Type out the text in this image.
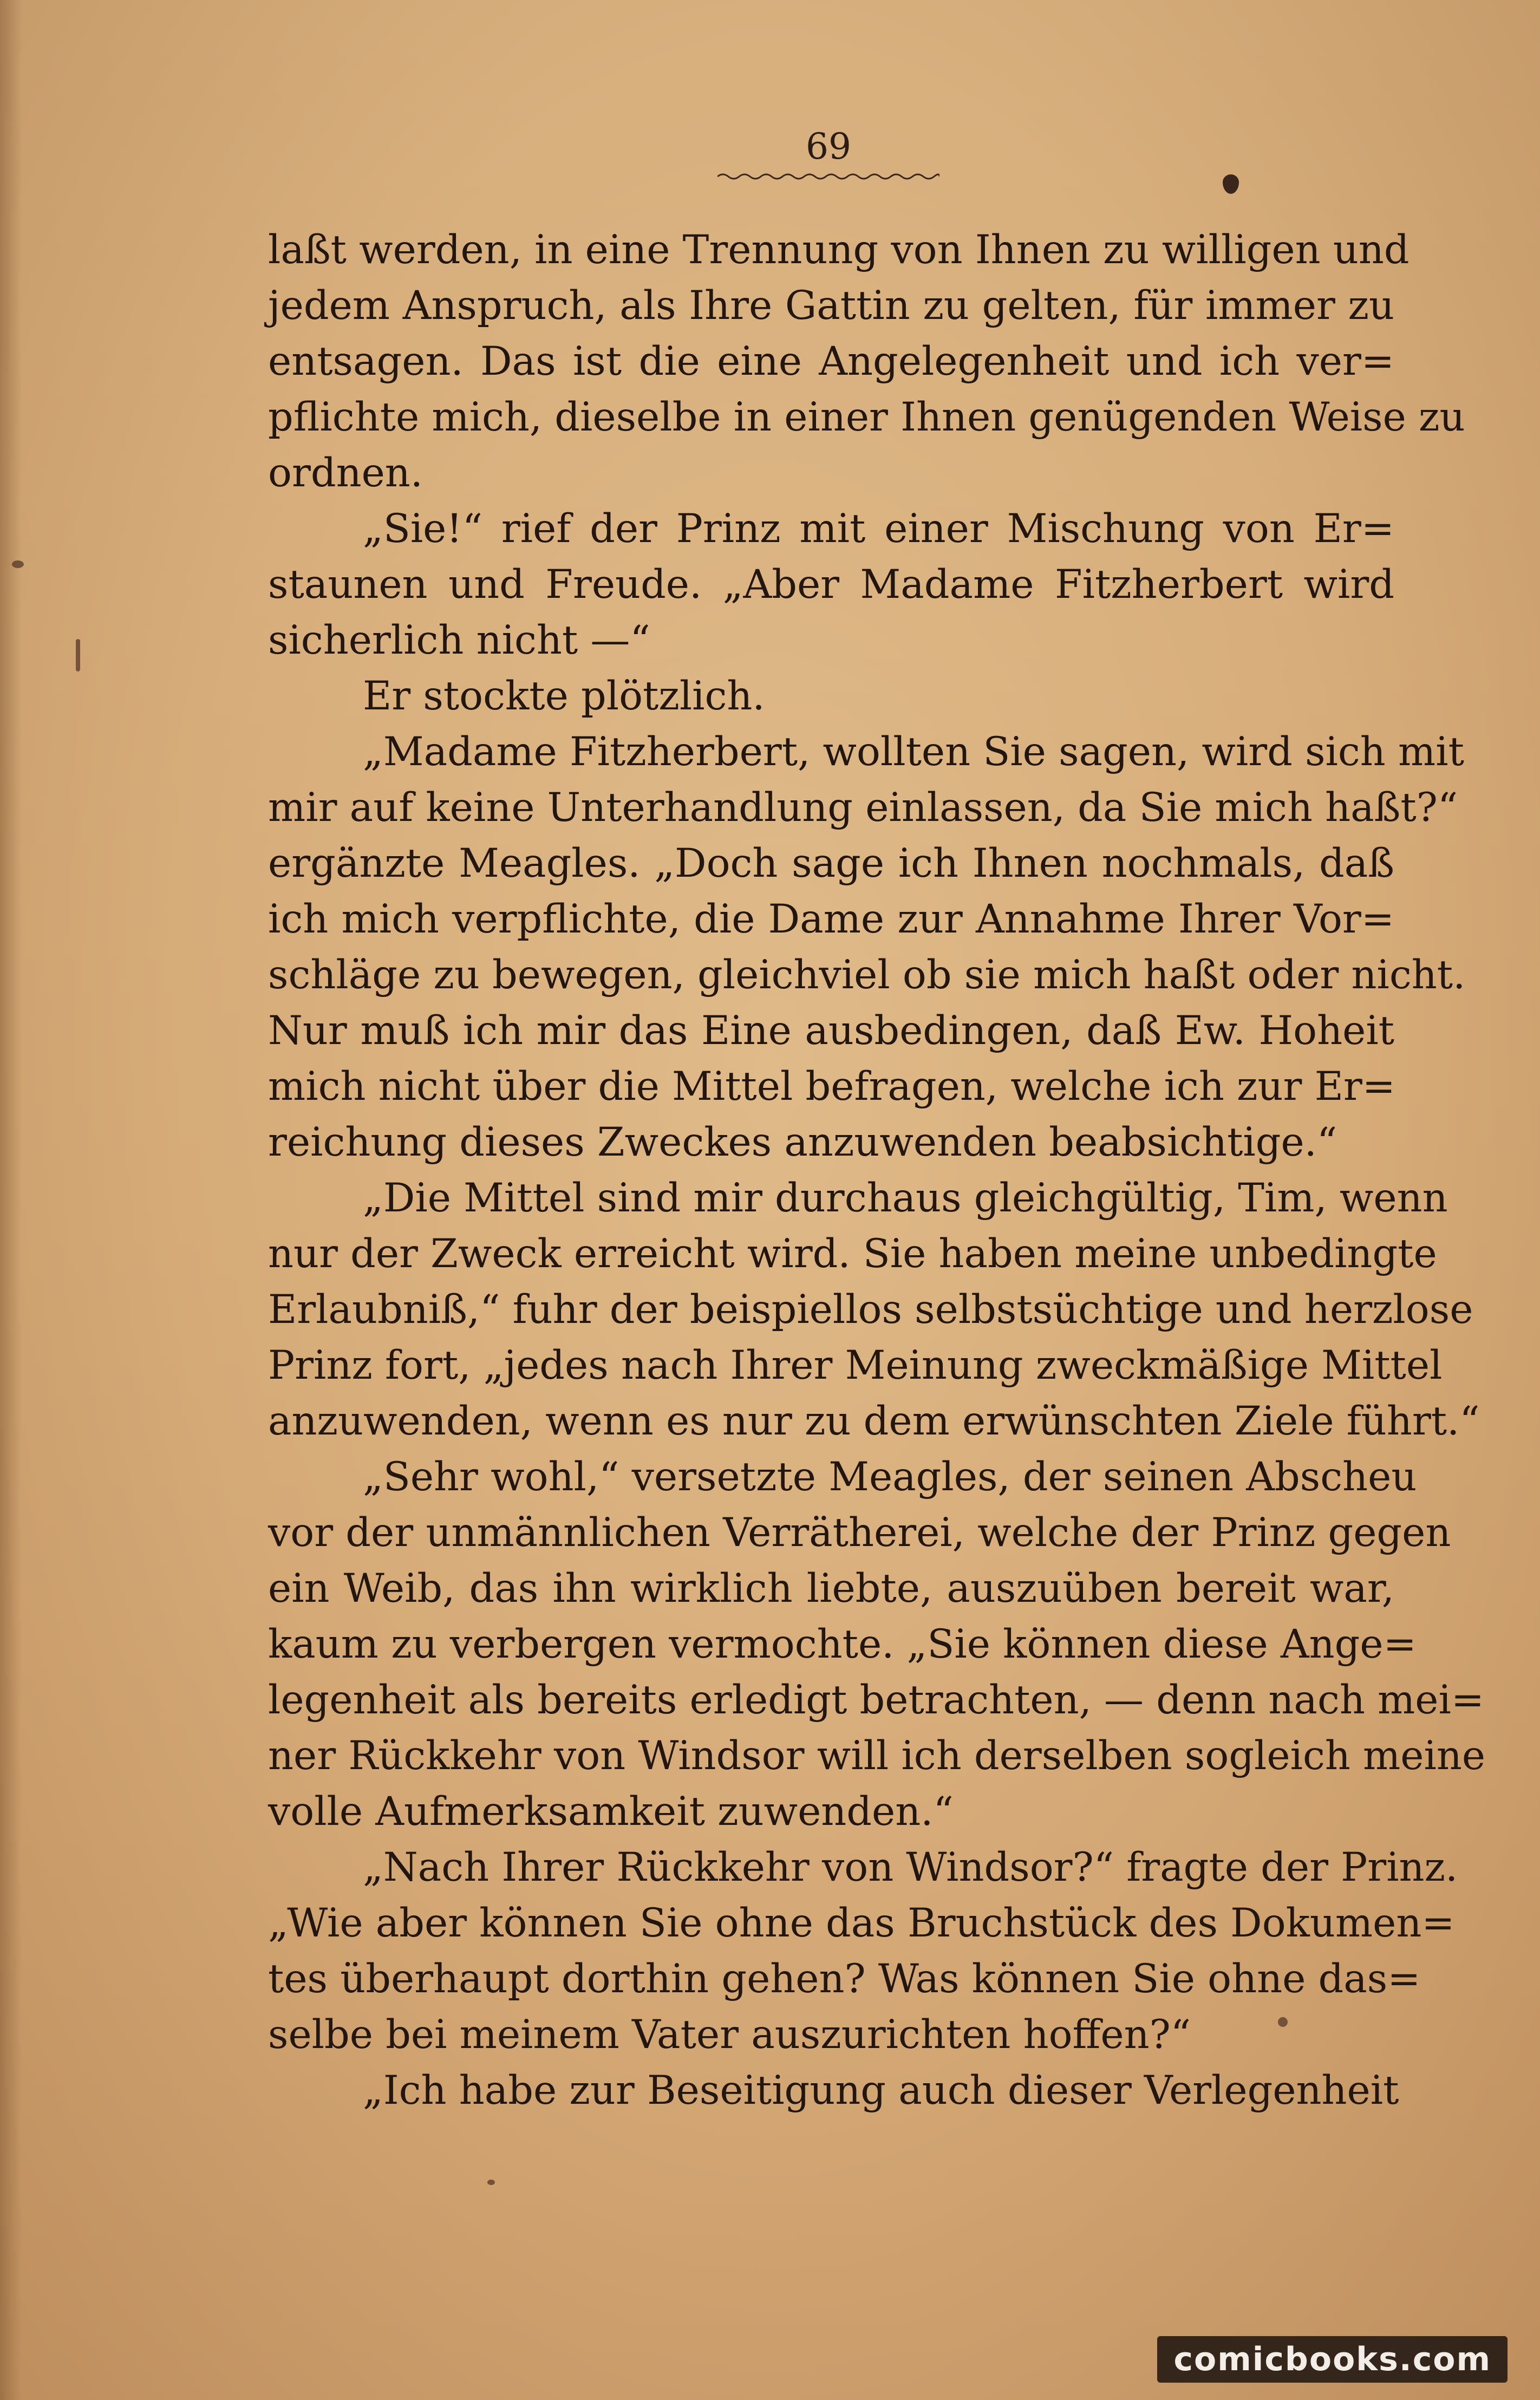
69
laßt werden, in eine Trennung von Ihnen zu willigen und
jedem Anspruch, als Ihre Gattin zu gelten, für immer zu
entsagen. Das ist die eine Angelegenheit und ich ver=
pflichte mich, dieselbe in einer Ihnen genügenden Weise zu
ordnen.
„Sie!“ rief der Prinz mit einer Mischung von Er=
staunen und Freude. „Aber Madame Fitzherbert wird
sicherlich nicht —“
Er stockte plötzlich.
„Madame Fitzherbert, wollten Sie sagen, wird sich mit
mir auf keine Unterhandlung einlassen, da Sie mich haßt?“
ergänzte Meagles. „Doch sage ich Ihnen nochmals, daß
ich mich verpflichte, die Dame zur Annahme Ihrer Vor=
schläge zu bewegen, gleichviel ob sie mich haßt oder nicht.
Nur muß ich mir das Eine ausbedingen, daß Ew. Hoheit
mich nicht über die Mittel befragen, welche ich zur Er=
reichung dieses Zweckes anzuwenden beabsichtige.“
„Die Mittel sind mir durchaus gleichgültig, Tim, wenn
nur der Zweck erreicht wird. Sie haben meine unbedingte
Erlaubniß,“ fuhr der beispiellos selbstsüchtige und herzlose
Prinz fort, „jedes nach Ihrer Meinung zweckmäßige Mittel
anzuwenden, wenn es nur zu dem erwünschten Ziele führt.“
„Sehr wohl,“ versetzte Meagles, der seinen Abscheu
vor der unmännlichen Verrätherei, welche der Prinz gegen
ein Weib, das ihn wirklich liebte, auszuüben bereit war,
kaum zu verbergen vermochte. „Sie können diese Ange=
legenheit als bereits erledigt betrachten, — denn nach mei=
ner Rückkehr von Windsor will ich derselben sogleich meine
volle Aufmerksamkeit zuwenden.“
„Nach Ihrer Rückkehr von Windsor?“ fragte der Prinz.
„Wie aber können Sie ohne das Bruchstück des Dokumen=
tes überhaupt dorthin gehen? Was können Sie ohne das=
selbe bei meinem Vater auszurichten hoffen?“
„Ich habe zur Beseitigung auch dieser Verlegenheit
comicbooks.com
